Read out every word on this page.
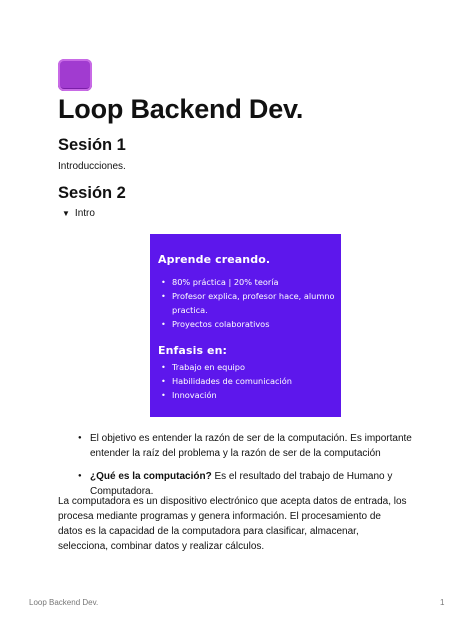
Loop Backend Dev.
Sesión 1

Introducciones.

Sesión 2
▼ Intro
Aprende creando.
• 80% práctica | 20% teoría
• Profesor explica, profesor hace, alumno practica.
• Proyectos colaborativos
Enfasis en:
• Trabajo en equipo
• Habilidades de comunicación
• Innovación
● El objetivo es entender la razón de ser de la computación. Es importante entender la raíz del problema y la razón de ser de la computación
● ¿Qué es la computación? Es el resultado del trabajo de Humano y Computadora.

La computadora es un dispositivo electrónico que acepta datos de entrada, los procesa mediante programas y genera información. El procesamiento de datos es la capacidad de la computadora para clasificar, almacenar, selecciona, combinar datos y realizar cálculos.

Loop Backend Dev.	1
